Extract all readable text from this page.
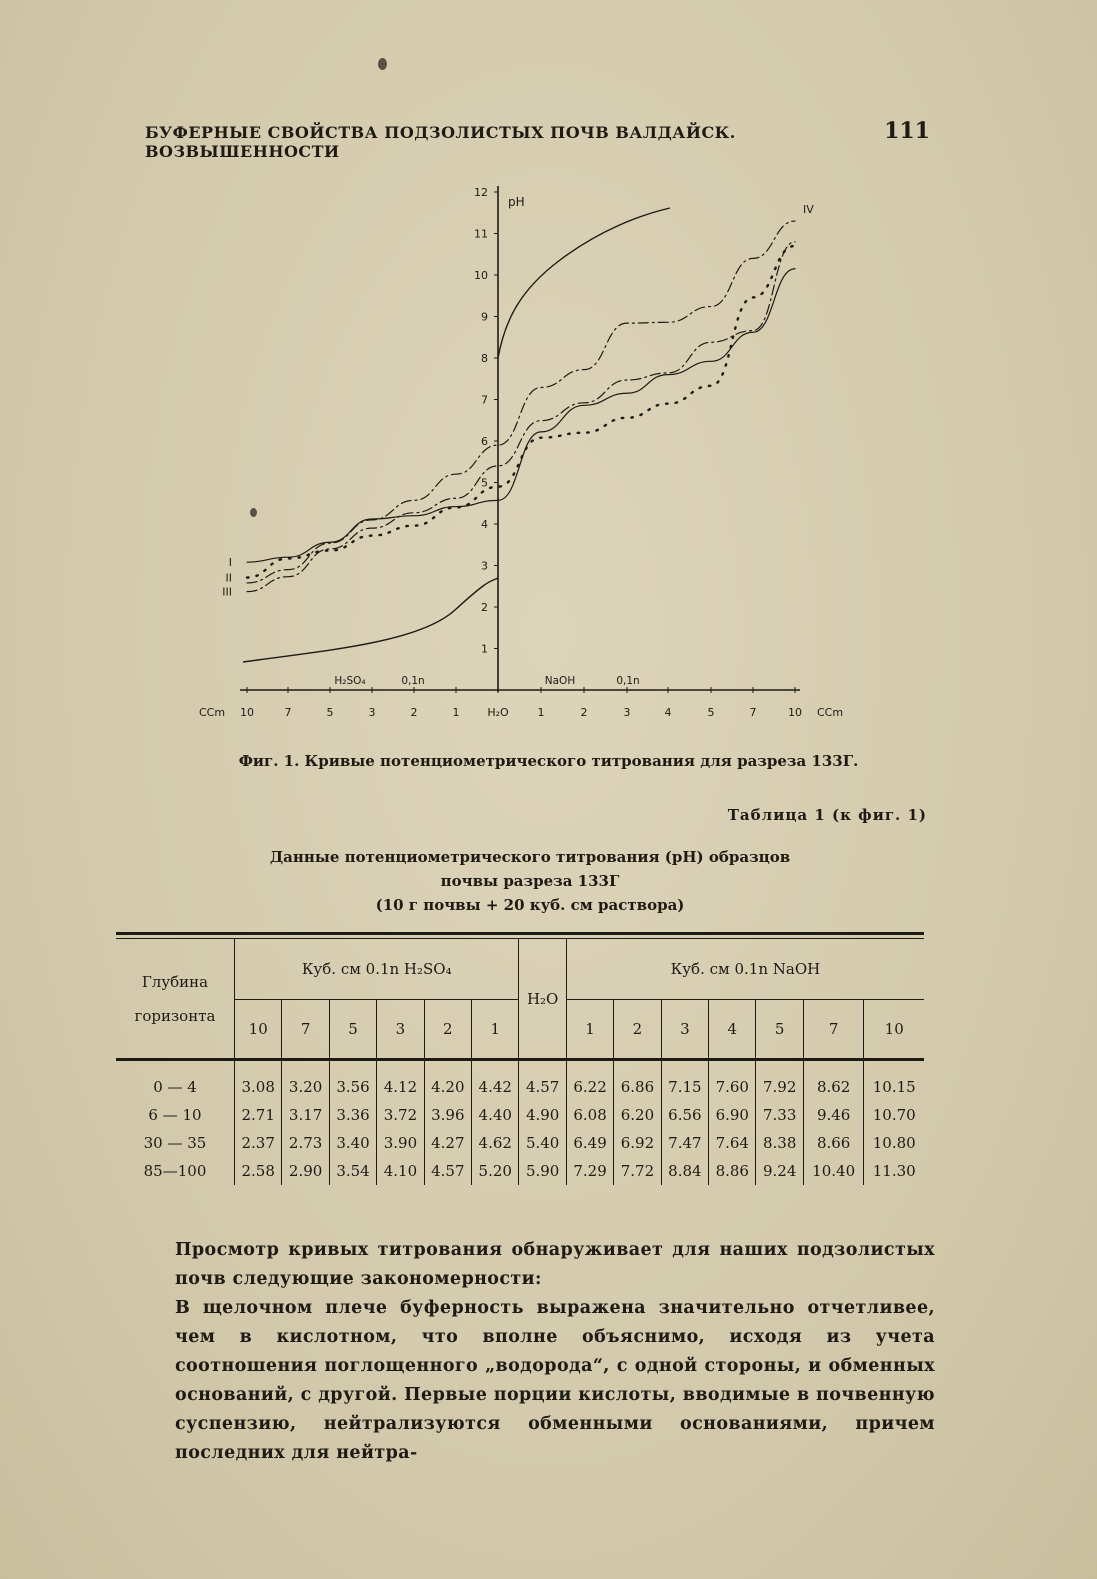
БУФЕРНЫЕ СВОЙСТВА ПОДЗОЛИСТЫХ ПОЧВ ВАЛДАЙСК. ВОЗВЫШЕННОСТИ
111
1
2
3
4
5
6
7
8
9
10
11
12
pH
10	7	5	3	2	1	H₂O	1	2	3	4	5	7	10
CCm	CCm
H₂SO₄	0,1n	NaOH	0,1n
I
II
III
IV
Фиг. 1. Кривые потенциометрического титрования для разреза 133Г.
Таблица 1 (к фиг. 1)
Данные потенциометрического титрования (pH) образцов
почвы разреза 133Г
(10 г почвы + 20 куб. см раствора)
Глубина
горизонта	Куб. см 0.1n H₂SO₄						H₂O	Куб. см 0.1n NaOH						
	10	7	5	3	2	1		1	2	3	4	5	7	10
0 — 4	3.08	3.20	3.56	4.12	4.20	4.42	4.57	6.22	6.86	7.15	7.60	7.92	8.62	10.15
6 — 10	2.71	3.17	3.36	3.72	3.96	4.40	4.90	6.08	6.20	6.56	6.90	7.33	9.46	10.70
30 — 35	2.37	2.73	3.40	3.90	4.27	4.62	5.40	6.49	6.92	7.47	7.64	8.38	8.66	10.80
85—100	2.58	2.90	3.54	4.10	4.57	5.20	5.90	7.29	7.72	8.84	8.86	9.24	10.40	11.30

Просмотр кривых титрования обнаруживает для наших подзолистых почв следующие закономерности:

В щелочном плече буферность выражена значительно отчетливее, чем в кислотном, что вполне объяснимо, исходя из учета соотношения поглощенного „водорода“, с одной стороны, и обменных оснований, с другой. Первые порции кислоты, вводимые в почвенную суспензию, нейтрализуются обменными основаниями, причем последних для нейтра-
